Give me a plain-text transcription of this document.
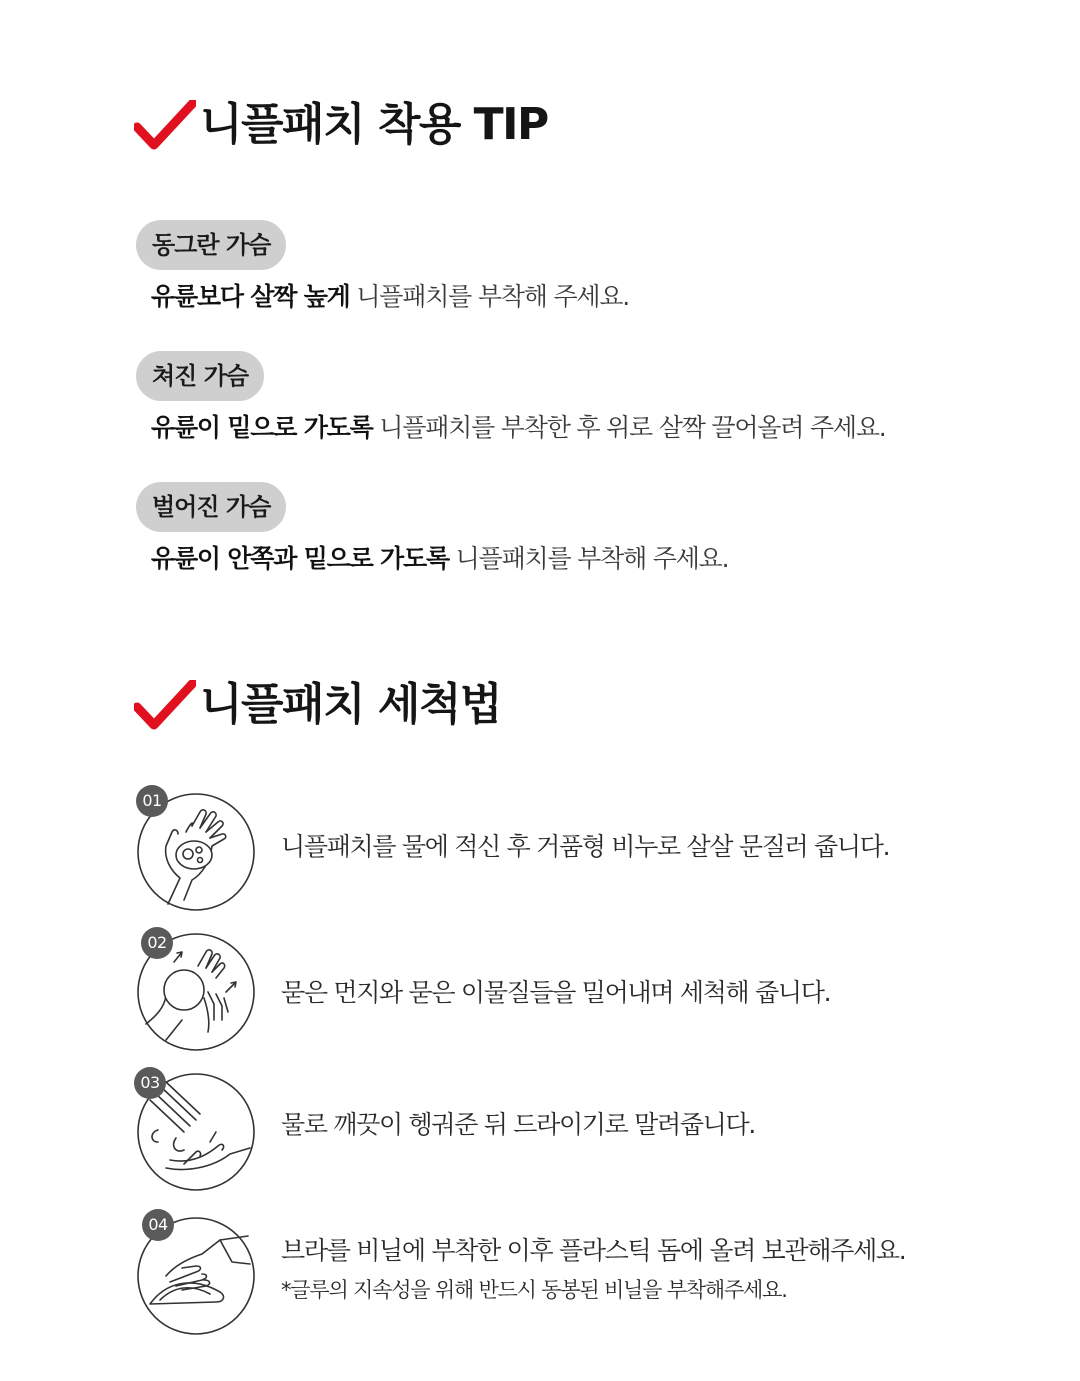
니플패치 착용 TIP
동그란 가슴
유륜보다 살짝 높게 니플패치를 부착해 주세요.
쳐진 가슴
유륜이 밑으로 가도록 니플패치를 부착한 후 위로 살짝 끌어올려 주세요.
벌어진 가슴
유륜이 안쪽과 밑으로 가도록 니플패치를 부착해 주세요.
니플패치 세척법
01
니플패치를 물에 적신 후 거품형 비누로 살살 문질러 줍니다.
02
묻은 먼지와 묻은 이물질들을 밀어내며 세척해 줍니다.
03
물로 깨끗이 헹궈준 뒤 드라이기로 말려줍니다.
04
브라를 비닐에 부착한 이후 플라스틱 돔에 올려 보관해주세요.
*글루의 지속성을 위해 반드시 동봉된 비닐을 부착해주세요.
